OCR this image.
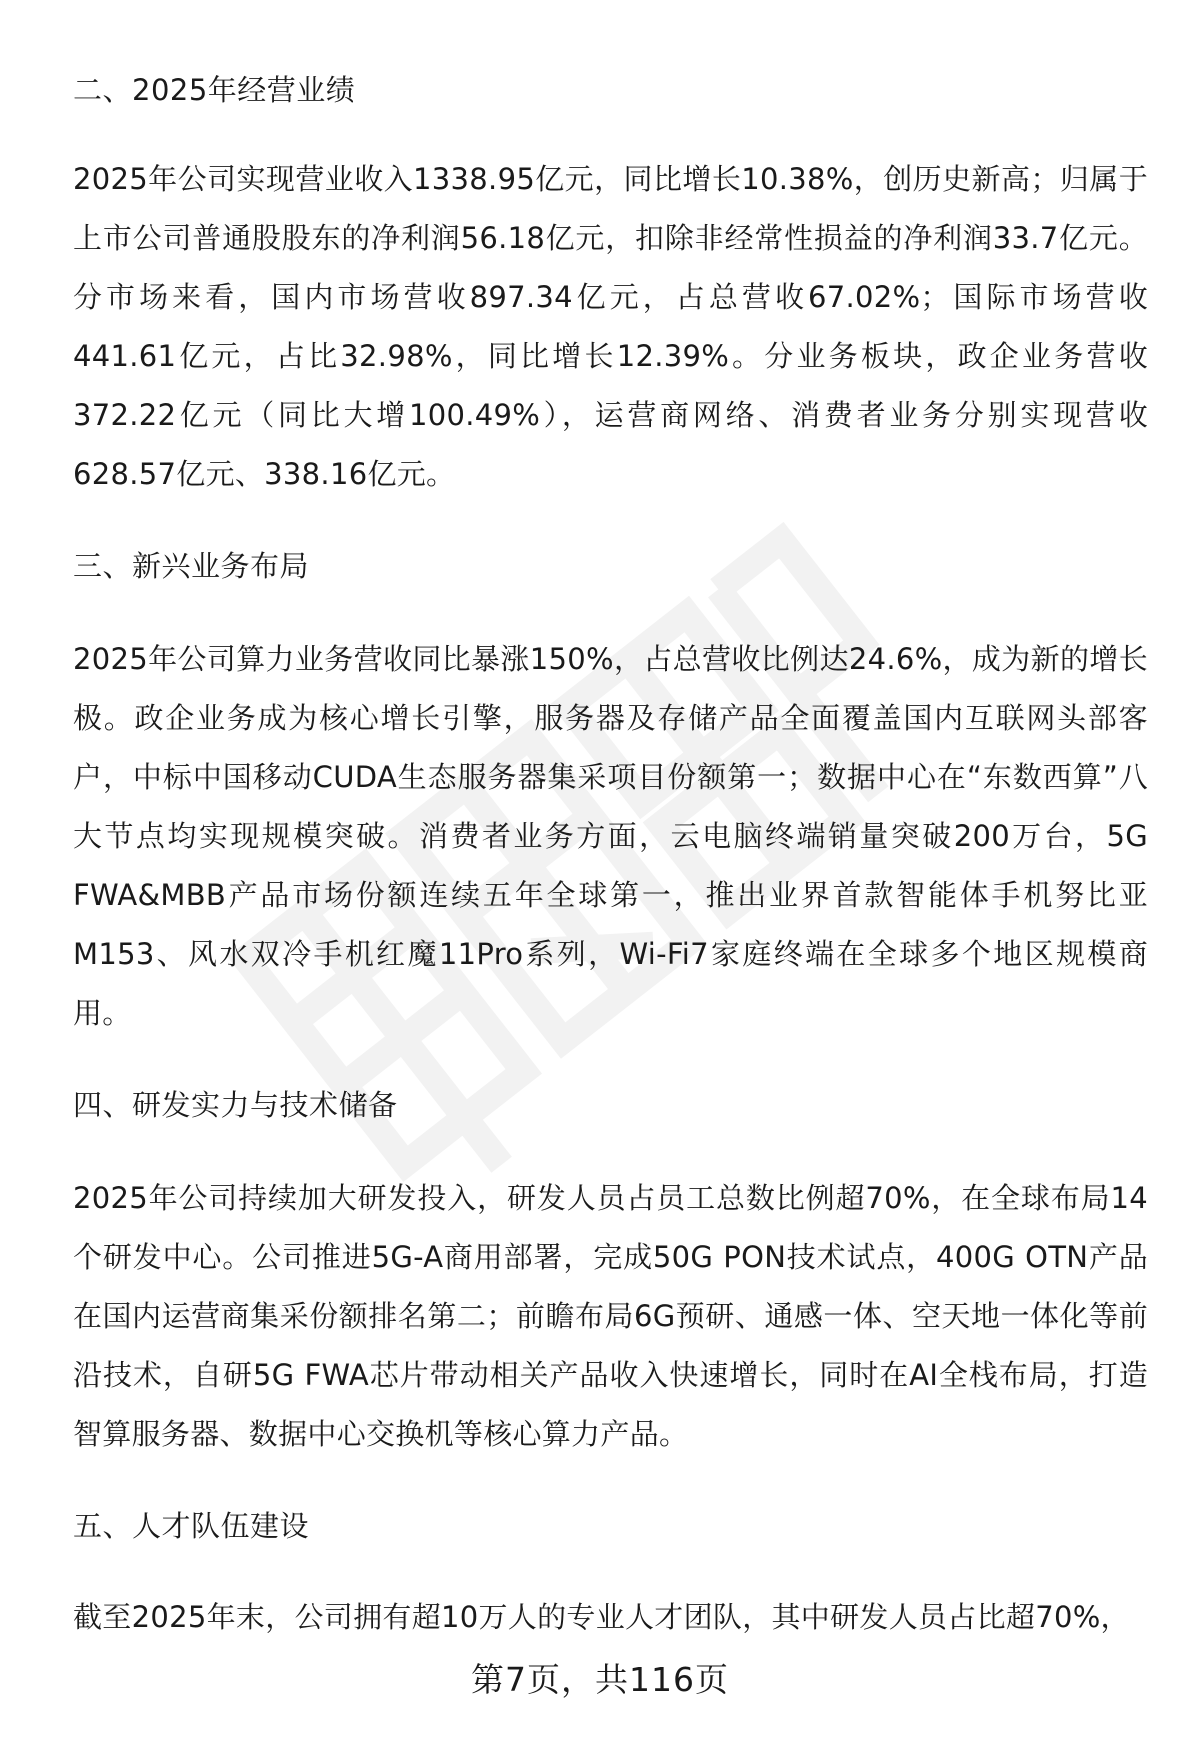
二、2025年经营业绩

2025年公司实现营业收入1338.95亿元，同比增长10.38%，创历史新高；归属于上市公司普通股股东的净利润56.18亿元，扣除非经常性损益的净利润33.7亿元。分市场来看，国内市场营收897.34亿元，占总营收67.02%；国际市场营收441.61亿元，占比32.98%，同比增长12.39%。分业务板块，政企业务营收372.22亿元（同比大增100.49%），运营商网络、消费者业务分别实现营收628.57亿元、338.16亿元。

三、新兴业务布局

2025年公司算力业务营收同比暴涨150%，占总营收比例达24.6%，成为新的增长极。政企业务成为核心增长引擎，服务器及存储产品全面覆盖国内互联网头部客户，中标中国移动CUDA生态服务器集采项目份额第一；数据中心在“东数西算”八大节点均实现规模突破。消费者业务方面，云电脑终端销量突破200万台，5G FWA&MBB产品市场份额连续五年全球第一，推出业界首款智能体手机努比亚M153、风水双冷手机红魔11Pro系列，Wi-Fi7家庭终端在全球多个地区规模商用。

四、研发实力与技术储备

2025年公司持续加大研发投入，研发人员占员工总数比例超70%，在全球布局14个研发中心。公司推进5G-A商用部署，完成50G PON技术试点，400G OTN产品在国内运营商集采份额排名第二；前瞻布局6G预研、通感一体、空天地一体化等前沿技术，自研5G FWA芯片带动相关产品收入快速增长，同时在AI全栈布局，打造智算服务器、数据中心交换机等核心算力产品。

五、人才队伍建设

截至2025年末，公司拥有超10万人的专业人才团队，其中研发人员占比超70%，

第7页，共116页
